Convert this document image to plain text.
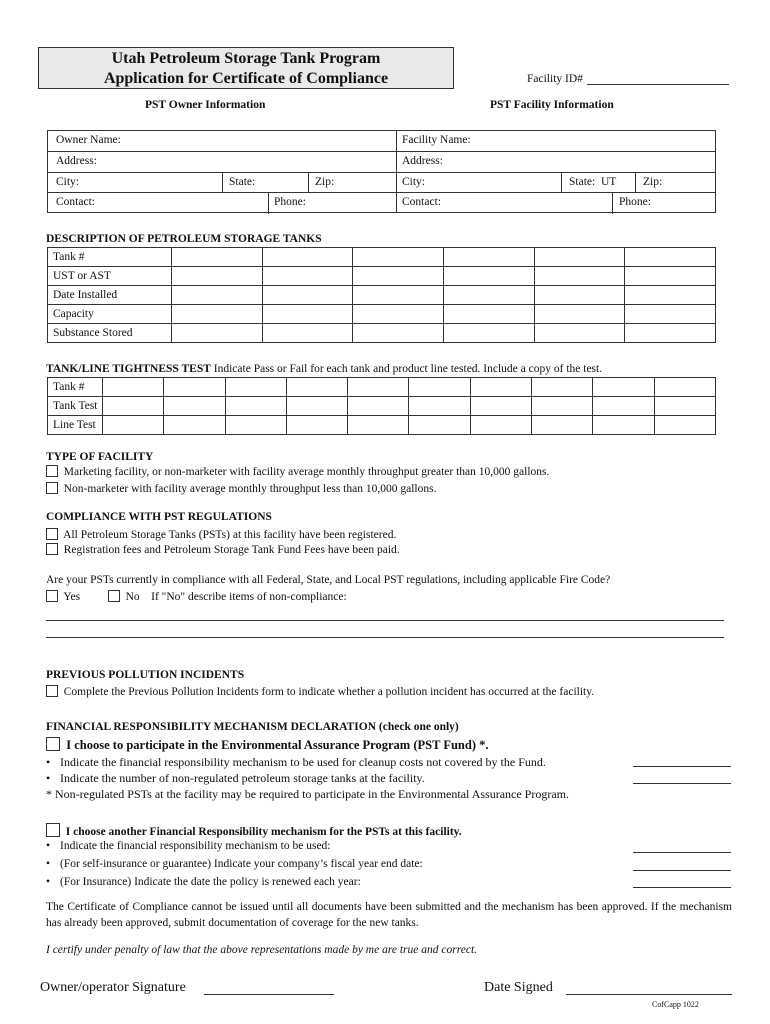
Utah Petroleum Storage Tank Program
Application for Certificate of Compliance	Facility ID#
PST Owner Information	PST Facility Information
Owner Name:	Facility Name:
Address:	Address:
City:	State:	Zip:	City:	State: UT Zip:
Contact:	Phone:	Contact:	Phone:
DESCRIPTION OF PETROLEUM STORAGE TANKS
Tank #						
UST or AST						
Date Installed						
Capacity						
Substance Stored						
TANK/LINE TIGHTNESS TEST Indicate Pass or Fail for each tank and product line tested. Include a copy of the test.
Tank #										
Tank Test										
Line Test										
TYPE OF FACILITY
Marketing facility, or non-marketer with facility average monthly throughput greater than 10,000 gallons.
Non-marketer with facility average monthly throughput less than 10,000 gallons.
COMPLIANCE WITH PST REGULATIONS
All Petroleum Storage Tanks (PSTs) at this facility have been registered.
Registration fees and Petroleum Storage Tank Fund Fees have been paid.
Are your PSTs currently in compliance with all Federal, State, and Local PST regulations, including applicable Fire Code?
Yes	No If "No" describe items of non-compliance:
PREVIOUS POLLUTION INCIDENTS
Complete the Previous Pollution Incidents form to indicate whether a pollution incident has occurred at the facility.
FINANCIAL RESPONSIBILITY MECHANISM DECLARATION (check one only)
I choose to participate in the Environmental Assurance Program (PST Fund) *.
• Indicate the financial responsibility mechanism to be used for cleanup costs not covered by the Fund.
• Indicate the number of non-regulated petroleum storage tanks at the facility.
* Non-regulated PSTs at the facility may be required to participate in the Environmental Assurance Program.
I choose another Financial Responsibility mechanism for the PSTs at this facility.
• Indicate the financial responsibility mechanism to be used:
• (For self-insurance or guarantee) Indicate your company’s fiscal year end date:
• (For Insurance) Indicate the date the policy is renewed each year:
The Certificate of Compliance cannot be issued until all documents have been submitted and the mechanism has been approved. If the mechanism has already been approved, submit documentation of coverage for the new tanks.
I certify under penalty of law that the above representations made by me are true and correct.
Owner/operator Signature	Date Signed
CofCapp 1022
